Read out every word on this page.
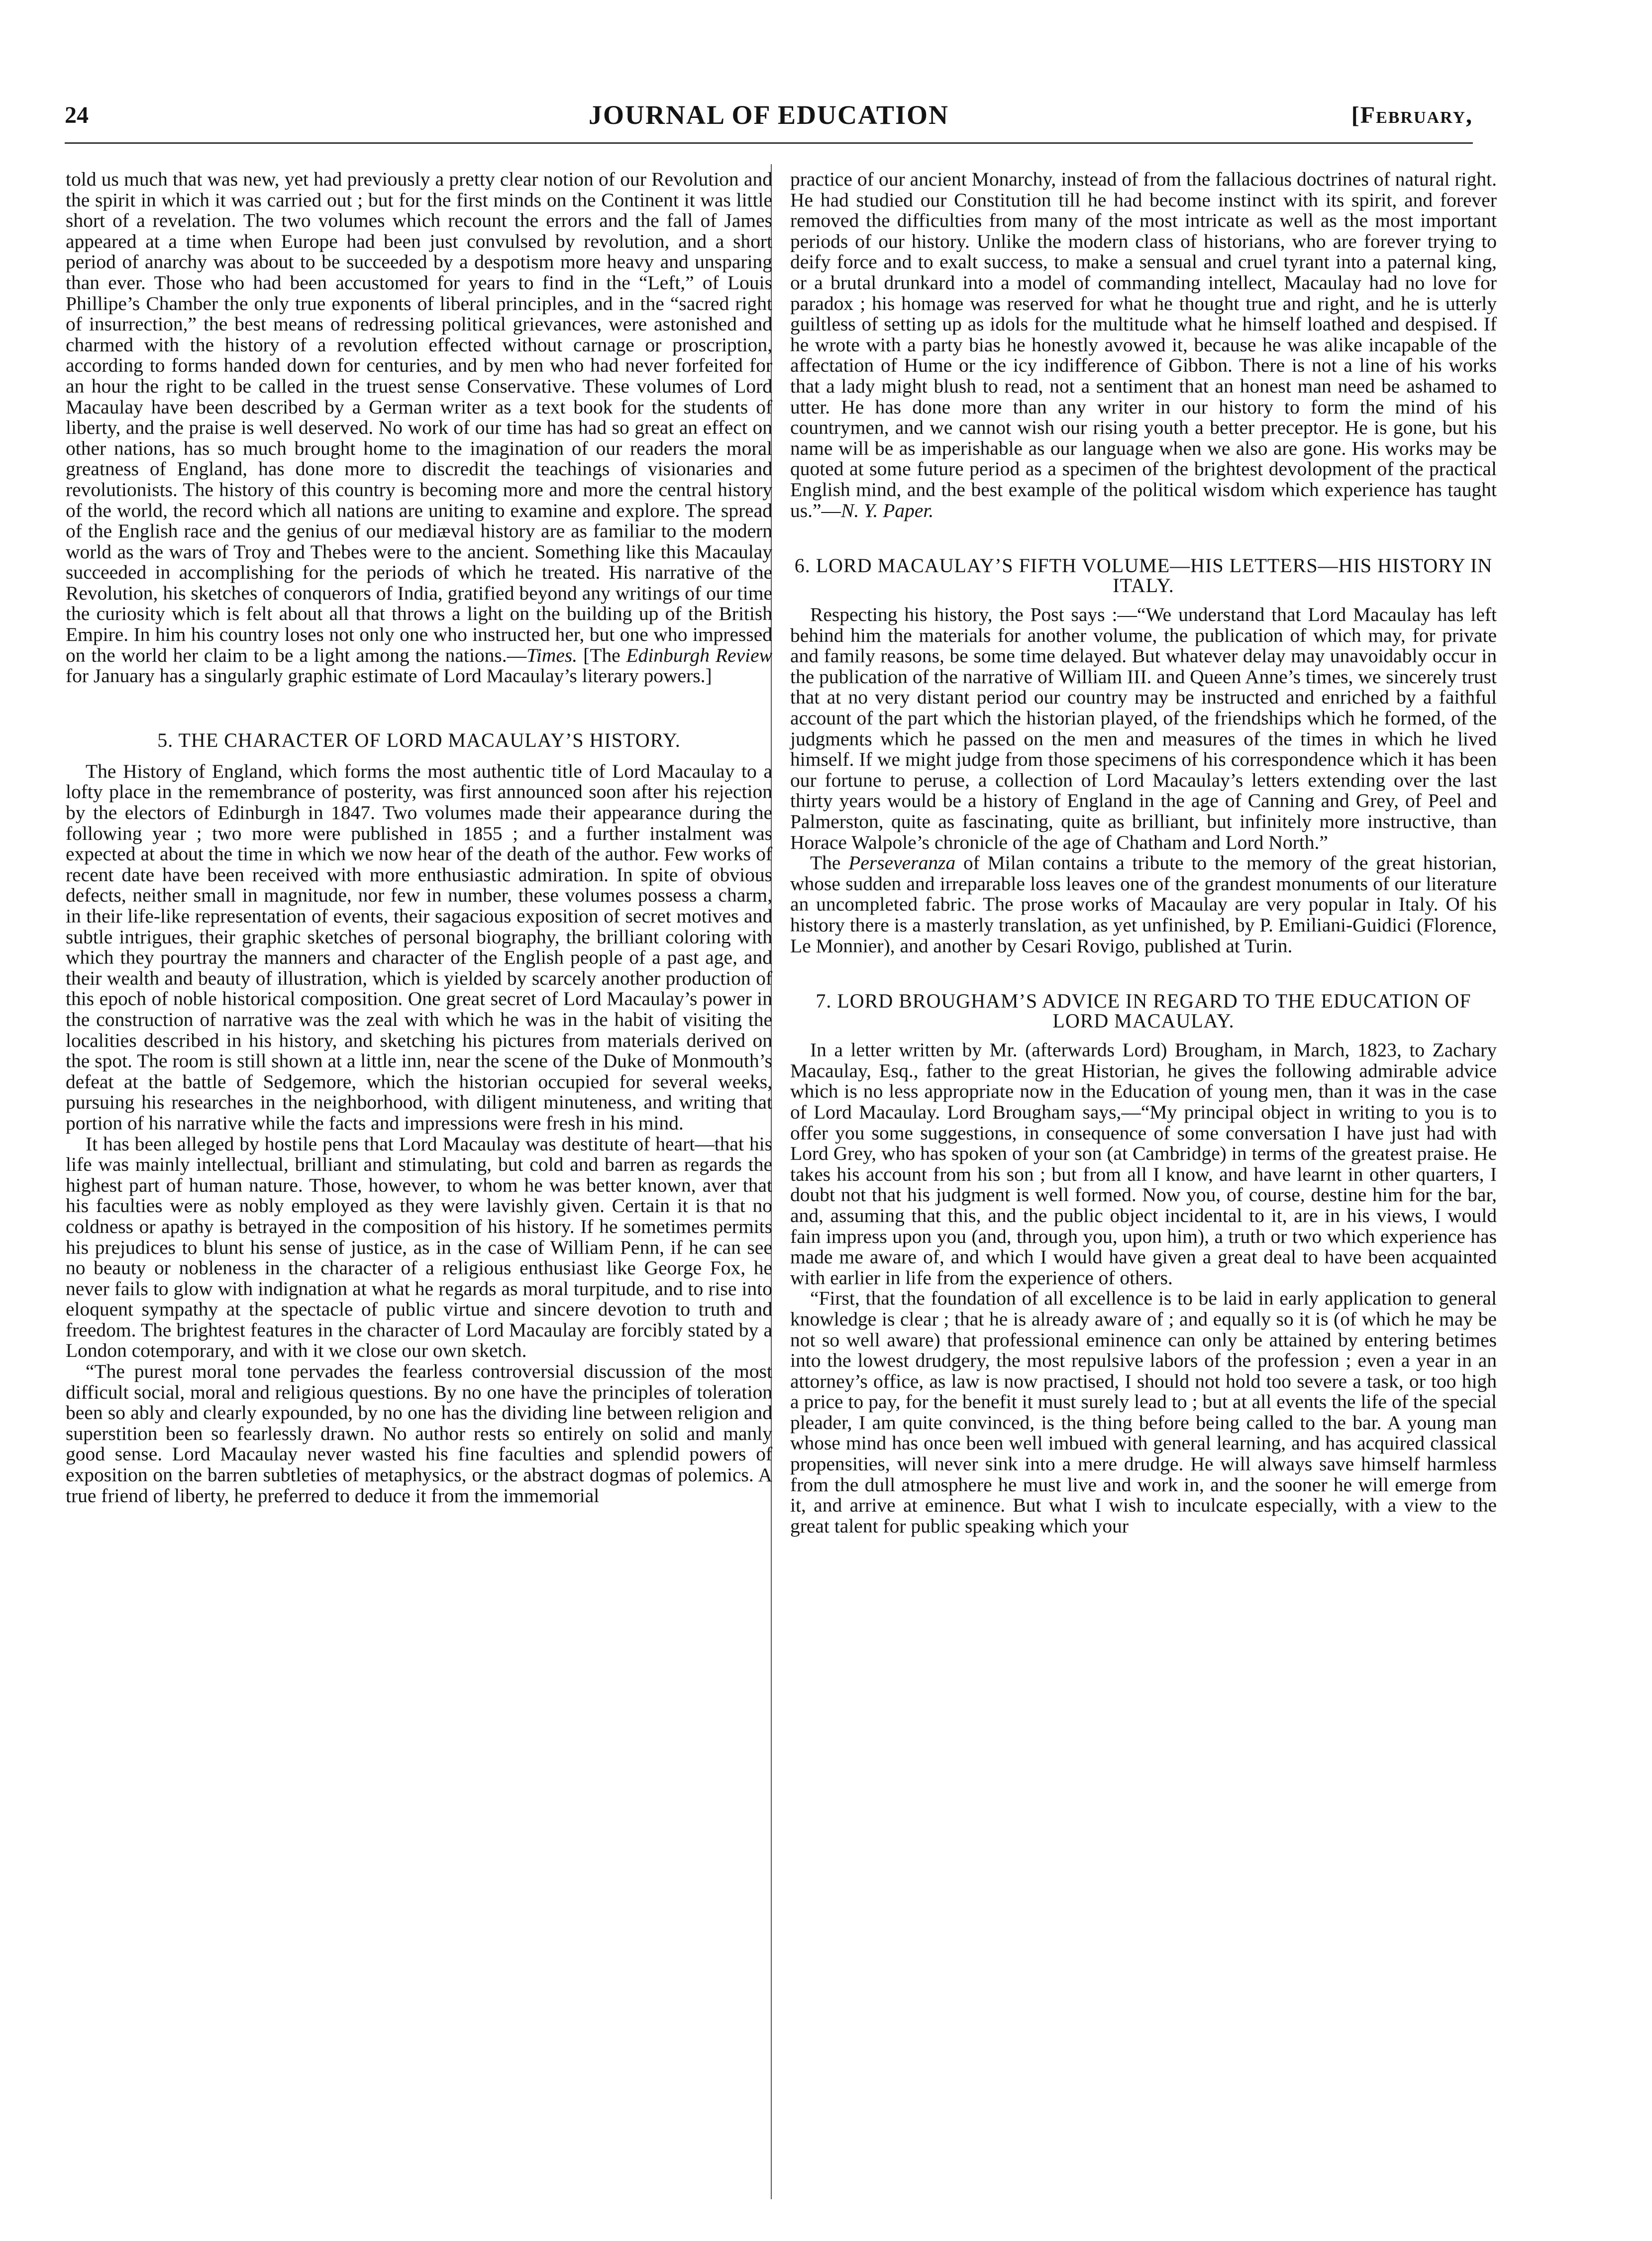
24	JOURNAL OF EDUCATION	[February,

told us much that was new, yet had previously a pretty clear notion of our Revolution and the spirit in which it was carried out ; but for the first minds on the Continent it was little short of a revelation. The two volumes which recount the errors and the fall of James appeared at a time when Europe had been just convulsed by revolution, and a short period of anarchy was about to be succeeded by a despotism more heavy and unsparing than ever. Those who had been accustomed for years to find in the “Left,” of Louis Phillipe’s Chamber the only true exponents of liberal principles, and in the “sacred right of insurrection,” the best means of redressing political grievances, were astonished and charmed with the history of a revolution effected without carnage or proscription, according to forms handed down for centuries, and by men who had never forfeited for an hour the right to be called in the truest sense Conservative. These volumes of Lord Macaulay have been described by a German writer as a text book for the students of liberty, and the praise is well deserved. No work of our time has had so great an effect on other nations, has so much brought home to the imagination of our readers the moral greatness of England, has done more to discredit the teachings of visionaries and revolutionists. The history of this country is becoming more and more the central history of the world, the record which all nations are uniting to examine and explore. The spread of the English race and the genius of our mediæval history are as familiar to the modern world as the wars of Troy and Thebes were to the ancient. Something like this Macaulay succeeded in accomplishing for the periods of which he treated. His narrative of the Revolution, his sketches of conquerors of India, gratified beyond any writings of our time the curiosity which is felt about all that throws a light on the building up of the British Empire. In him his country loses not only one who instructed her, but one who impressed on the world her claim to be a light among the nations.—Times. [The Edinburgh Review for January has a singularly graphic estimate of Lord Macaulay’s literary powers.]

5. THE CHARACTER OF LORD MACAULAY’S HISTORY.

The History of England, which forms the most authentic title of Lord Macaulay to a lofty place in the remembrance of posterity, was first announced soon after his rejection by the electors of Edinburgh in 1847. Two volumes made their appearance during the following year ; two more were published in 1855 ; and a further instalment was expected at about the time in which we now hear of the death of the author. Few works of recent date have been received with more enthusiastic admiration. In spite of obvious defects, neither small in magnitude, nor few in number, these volumes possess a charm, in their life-like representation of events, their sagacious exposition of secret motives and subtle intrigues, their graphic sketches of personal biography, the brilliant coloring with which they pourtray the manners and character of the English people of a past age, and their wealth and beauty of illustration, which is yielded by scarcely another production of this epoch of noble historical composition. One great secret of Lord Macaulay’s power in the construction of narrative was the zeal with which he was in the habit of visiting the localities described in his history, and sketching his pictures from materials derived on the spot. The room is still shown at a little inn, near the scene of the Duke of Monmouth’s defeat at the battle of Sedgemore, which the historian occupied for several weeks, pursuing his researches in the neighborhood, with diligent minuteness, and writing that portion of his narrative while the facts and impressions were fresh in his mind.

It has been alleged by hostile pens that Lord Macaulay was destitute of heart—that his life was mainly intellectual, brilliant and stimulating, but cold and barren as regards the highest part of human nature. Those, however, to whom he was better known, aver that his faculties were as nobly employed as they were lavishly given. Certain it is that no coldness or apathy is betrayed in the composition of his history. If he sometimes permits his prejudices to blunt his sense of justice, as in the case of William Penn, if he can see no beauty or nobleness in the character of a religious enthusiast like George Fox, he never fails to glow with indignation at what he regards as moral turpitude, and to rise into eloquent sympathy at the spectacle of public virtue and sincere devotion to truth and freedom. The brightest features in the character of Lord Macaulay are forcibly stated by a London cotemporary, and with it we close our own sketch.

“The purest moral tone pervades the fearless controversial discussion of the most difficult social, moral and religious questions. By no one have the principles of toleration been so ably and clearly expounded, by no one has the dividing line between religion and superstition been so fearlessly drawn. No author rests so entirely on solid and manly good sense. Lord Macaulay never wasted his fine faculties and splendid powers of exposition on the barren subtleties of metaphysics, or the abstract dogmas of polemics. A true friend of liberty, he preferred to deduce it from the immemorial

practice of our ancient Monarchy, instead of from the fallacious doctrines of natural right. He had studied our Constitution till he had become instinct with its spirit, and forever removed the difficulties from many of the most intricate as well as the most important periods of our history. Unlike the modern class of historians, who are forever trying to deify force and to exalt success, to make a sensual and cruel tyrant into a paternal king, or a brutal drunkard into a model of commanding intellect, Macaulay had no love for paradox ; his homage was reserved for what he thought true and right, and he is utterly guiltless of setting up as idols for the multitude what he himself loathed and despised. If he wrote with a party bias he honestly avowed it, because he was alike incapable of the affectation of Hume or the icy indifference of Gibbon. There is not a line of his works that a lady might blush to read, not a sentiment that an honest man need be ashamed to utter. He has done more than any writer in our history to form the mind of his countrymen, and we cannot wish our rising youth a better preceptor. He is gone, but his name will be as imperishable as our language when we also are gone. His works may be quoted at some future period as a specimen of the brightest devolopment of the practical English mind, and the best example of the political wisdom which experience has taught us.”—N. Y. Paper.

6. LORD MACAULAY’S FIFTH VOLUME—HIS LETTERS—HIS HISTORY IN ITALY.

Respecting his history, the Post says :—“We understand that Lord Macaulay has left behind him the materials for another volume, the publication of which may, for private and family reasons, be some time delayed. But whatever delay may unavoidably occur in the publication of the narrative of William III. and Queen Anne’s times, we sincerely trust that at no very distant period our country may be instructed and enriched by a faithful account of the part which the historian played, of the friendships which he formed, of the judgments which he passed on the men and measures of the times in which he lived himself. If we might judge from those specimens of his correspondence which it has been our fortune to peruse, a collection of Lord Macaulay’s letters extending over the last thirty years would be a history of England in the age of Canning and Grey, of Peel and Palmerston, quite as fascinating, quite as brilliant, but infinitely more instructive, than Horace Walpole’s chronicle of the age of Chatham and Lord North.”

The Perseveranza of Milan contains a tribute to the memory of the great historian, whose sudden and irreparable loss leaves one of the grandest monuments of our literature an uncompleted fabric. The prose works of Macaulay are very popular in Italy. Of his history there is a masterly translation, as yet unfinished, by P. Emiliani-Guidici (Florence, Le Monnier), and another by Cesari Rovigo, published at Turin.

7. LORD BROUGHAM’S ADVICE IN REGARD TO THE EDUCATION OF LORD MACAULAY.

In a letter written by Mr. (afterwards Lord) Brougham, in March, 1823, to Zachary Macaulay, Esq., father to the great Historian, he gives the following admirable advice which is no less appropriate now in the Education of young men, than it was in the case of Lord Macaulay. Lord Brougham says,—“My principal object in writing to you is to offer you some suggestions, in consequence of some conversation I have just had with Lord Grey, who has spoken of your son (at Cambridge) in terms of the greatest praise. He takes his account from his son ; but from all I know, and have learnt in other quarters, I doubt not that his judgment is well formed. Now you, of course, destine him for the bar, and, assuming that this, and the public object incidental to it, are in his views, I would fain impress upon you (and, through you, upon him), a truth or two which experience has made me aware of, and which I would have given a great deal to have been acquainted with earlier in life from the experience of others.

“First, that the foundation of all excellence is to be laid in early application to general knowledge is clear ; that he is already aware of ; and equally so it is (of which he may be not so well aware) that professional eminence can only be attained by entering betimes into the lowest drudgery, the most repulsive labors of the profession ; even a year in an attorney’s office, as law is now practised, I should not hold too severe a task, or too high a price to pay, for the benefit it must surely lead to ; but at all events the life of the special pleader, I am quite convinced, is the thing before being called to the bar. A young man whose mind has once been well imbued with general learning, and has acquired classical propensities, will never sink into a mere drudge. He will always save himself harmless from the dull atmosphere he must live and work in, and the sooner he will emerge from it, and arrive at eminence. But what I wish to inculcate especially, with a view to the great talent for public speaking which your
